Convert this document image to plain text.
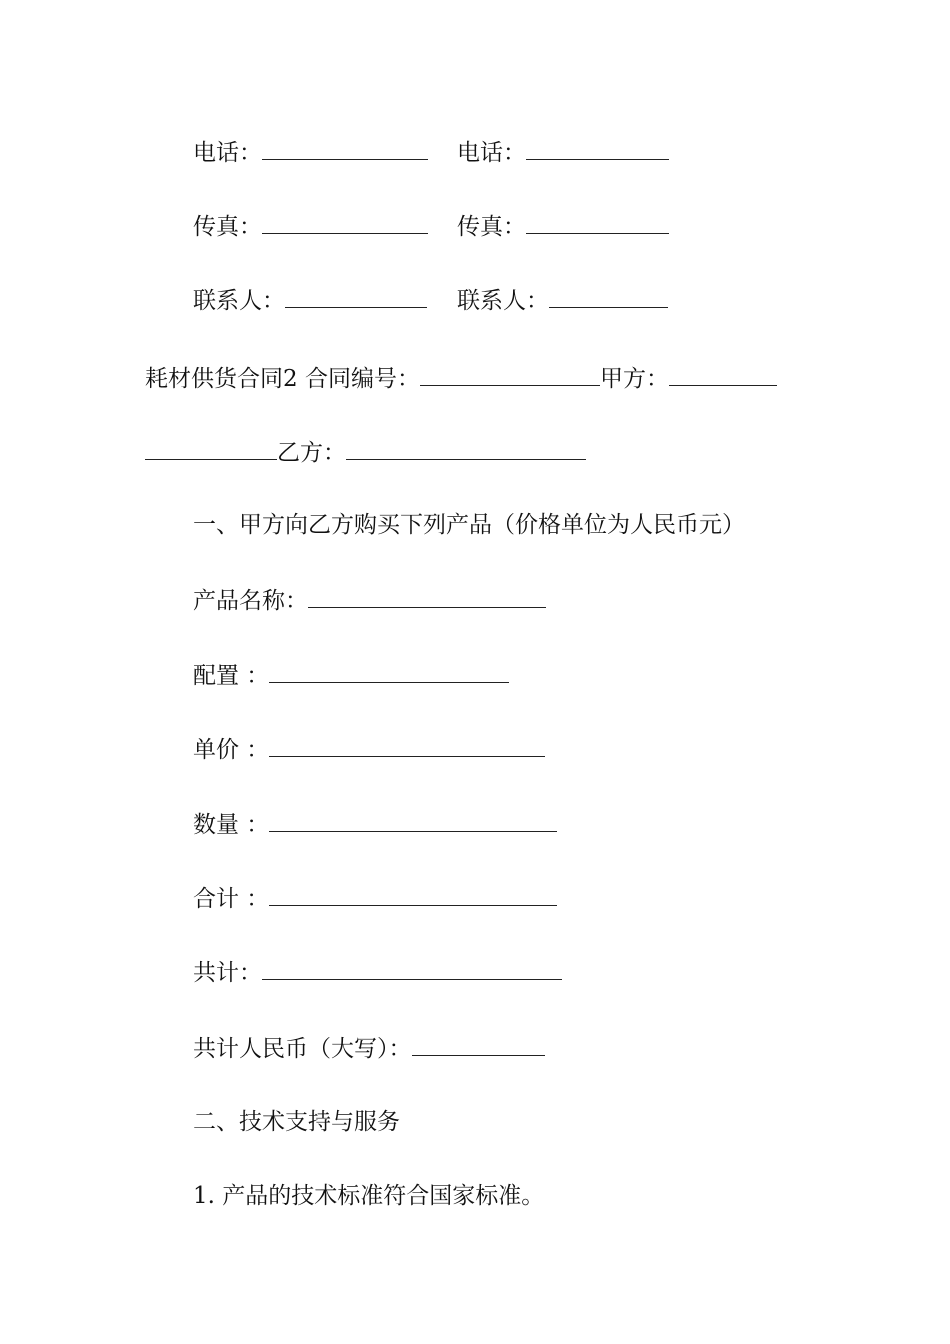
电话：	电话：
传真：	传真：
联系人：	联系人：
耗材供货合同2 合同编号：	甲方：
乙方：
一、甲方向乙方购买下列产品（价格单位为人民币元）
产品名称：
配置 ：
单价 ：
数量 ：
合计 ：
共计：
共计人民币（大写）：
二、技术支持与服务
1. 产品的技术标准符合国家标准。
